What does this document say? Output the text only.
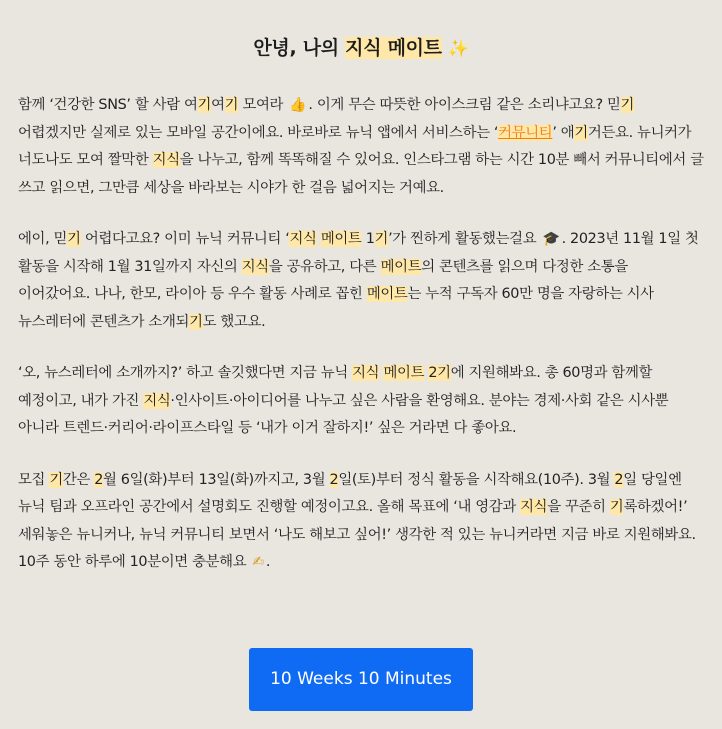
안녕, 나의 지식 메이트 ✨

함께 ‘건강한 SNS’ 할 사람 여기여기 모여라 👍 . 이게 무슨 따뜻한 아이스크림 같은 소리냐고요? 믿기 어렵겠지만 실제로 있는 모바일 공간이에요. 바로바로 뉴닉 앱에서 서비스하는 ‘커뮤니티’ 애기거든요. 뉴니커가 너도나도 모여 짤막한 지식을 나누고, 함께 똑똑해질 수 있어요. 인스타그램 하는 시간 10분 빼서 커뮤니티에서 글 쓰고 읽으면, 그만큼 세상을 바라보는 시야가 한 걸음 넓어지는 거예요.

에이, 믿기 어렵다고요? 이미 뉴닉 커뮤니티 ‘지식 메이트 1기’가 찐하게 활동했는걸요 🎓 . 2023년 11월 1일 첫 활동을 시작해 1월 31일까지 자신의 지식을 공유하고, 다른 메이트의 콘텐츠를 읽으며 다정한 소통을 이어갔어요. 나나, 한모, 라이아 등 우수 활동 사례로 꼽힌 메이트는 누적 구독자 60만 명을 자랑하는 시사 뉴스레터에 콘텐츠가 소개되기도 했고요.

‘오, 뉴스레터에 소개까지?’ 하고 솔깃했다면 지금 뉴닉 지식 메이트 2기에 지원해봐요. 총 60명과 함께할 예정이고, 내가 가진 지식·인사이트·아이디어를 나누고 싶은 사람을 환영해요. 분야는 경제·사회 같은 시사뿐 아니라 트렌드·커리어·라이프스타일 등 ‘내가 이거 잘하지!’ 싶은 거라면 다 좋아요.

모집 기간은 2월 6일(화)부터 13일(화)까지고, 3월 2일(토)부터 정식 활동을 시작해요(10주). 3월 2일 당일엔 뉴닉 팀과 오프라인 공간에서 설명회도 진행할 예정이고요. 올해 목표에 ‘내 영감과 지식을 꾸준히 기록하겠어!’ 세워놓은 뉴니커나, 뉴닉 커뮤니티 보면서 ‘나도 해보고 싶어!’ 생각한 적 있는 뉴니커라면 지금 바로 지원해봐요. 10주 동안 하루에 10분이면 충분해요 ✍ .

10 Weeks 10 Minutes
